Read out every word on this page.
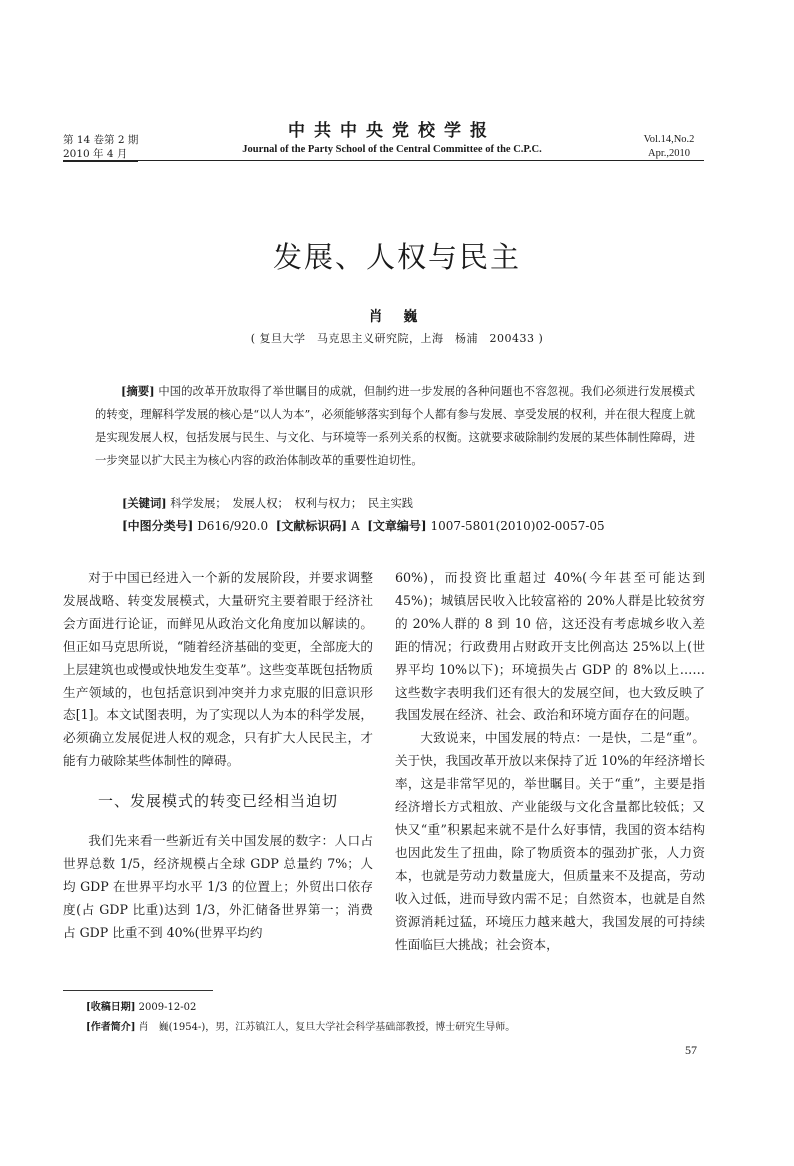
第 14 卷第 2 期
2010 年 4 月
中共中央党校学报
Journal of the Party School of the Central Committee of the C.P.C.
Vol.14,No.2
Apr.,2010
发展、人权与民主
肖 巍
( 复旦大学　马克思主义研究院，上海　杨浦　200433 )

[摘要] 中国的改革开放取得了举世瞩目的成就，但制约进一步发展的各种问题也不容忽视。我们必须进行发展模式的转变，理解科学发展的核心是“以人为本”，必须能够落实到每个人都有参与发展、享受发展的权利，并在很大程度上就是实现发展人权，包括发展与民生、与文化、与环境等一系列关系的权衡。这就要求破除制约发展的某些体制性障碍，进一步突显以扩大民主为核心内容的政治体制改革的重要性迫切性。

[关键词] 科学发展；　发展人权；　权利与权力；　民主实践
[中图分类号] D616/920.0 [文献标识码] A [文章编号] 1007-5801(2010)02-0057-05

对于中国已经进入一个新的发展阶段，并要求调整发展战略、转变发展模式，大量研究主要着眼于经济社会方面进行论证，而鲜见从政治文化角度加以解读的。但正如马克思所说，“随着经济基础的变更，全部庞大的上层建筑也或慢或快地发生变革”。这些变革既包括物质生产领域的，也包括意识到冲突并力求克服的旧意识形态[1]。本文试图表明，为了实现以人为本的科学发展，必须确立发展促进人权的观念，只有扩大人民民主，才能有力破除某些体制性的障碍。

一、发展模式的转变已经相当迫切

我们先来看一些新近有关中国发展的数字：人口占世界总数 1/5，经济规模占全球 GDP 总量约 7%；人均 GDP 在世界平均水平 1/3 的位置上；外贸出口依存度(占 GDP 比重)达到 1/3，外汇储备世界第一；消费占 GDP 比重不到 40%(世界平均约

60%)，而投资比重超过 40%(今年甚至可能达到 45%)；城镇居民收入比较富裕的 20%人群是比较贫穷的 20%人群的 8 到 10 倍，这还没有考虑城乡收入差距的情况；行政费用占财政开支比例高达 25%以上(世界平均 10%以下)；环境损失占 GDP 的 8%以上……这些数字表明我们还有很大的发展空间，也大致反映了我国发展在经济、社会、政治和环境方面存在的问题。

大致说来，中国发展的特点：一是快，二是“重”。关于快，我国改革开放以来保持了近 10%的年经济增长率，这是非常罕见的，举世瞩目。关于“重”，主要是指经济增长方式粗放、产业能级与文化含量都比较低；又快又“重”积累起来就不是什么好事情，我国的资本结构也因此发生了扭曲，除了物质资本的强劲扩张，人力资本，也就是劳动力数量庞大，但质量来不及提高，劳动收入过低，进而导致内需不足；自然资本，也就是自然资源消耗过猛，环境压力越来越大，我国发展的可持续性面临巨大挑战；社会资本，

[收稿日期] 2009-12-02
[作者简介] 肖　巍(1954-)，男，江苏镇江人，复旦大学社会科学基础部教授，博士研究生导师。
57
